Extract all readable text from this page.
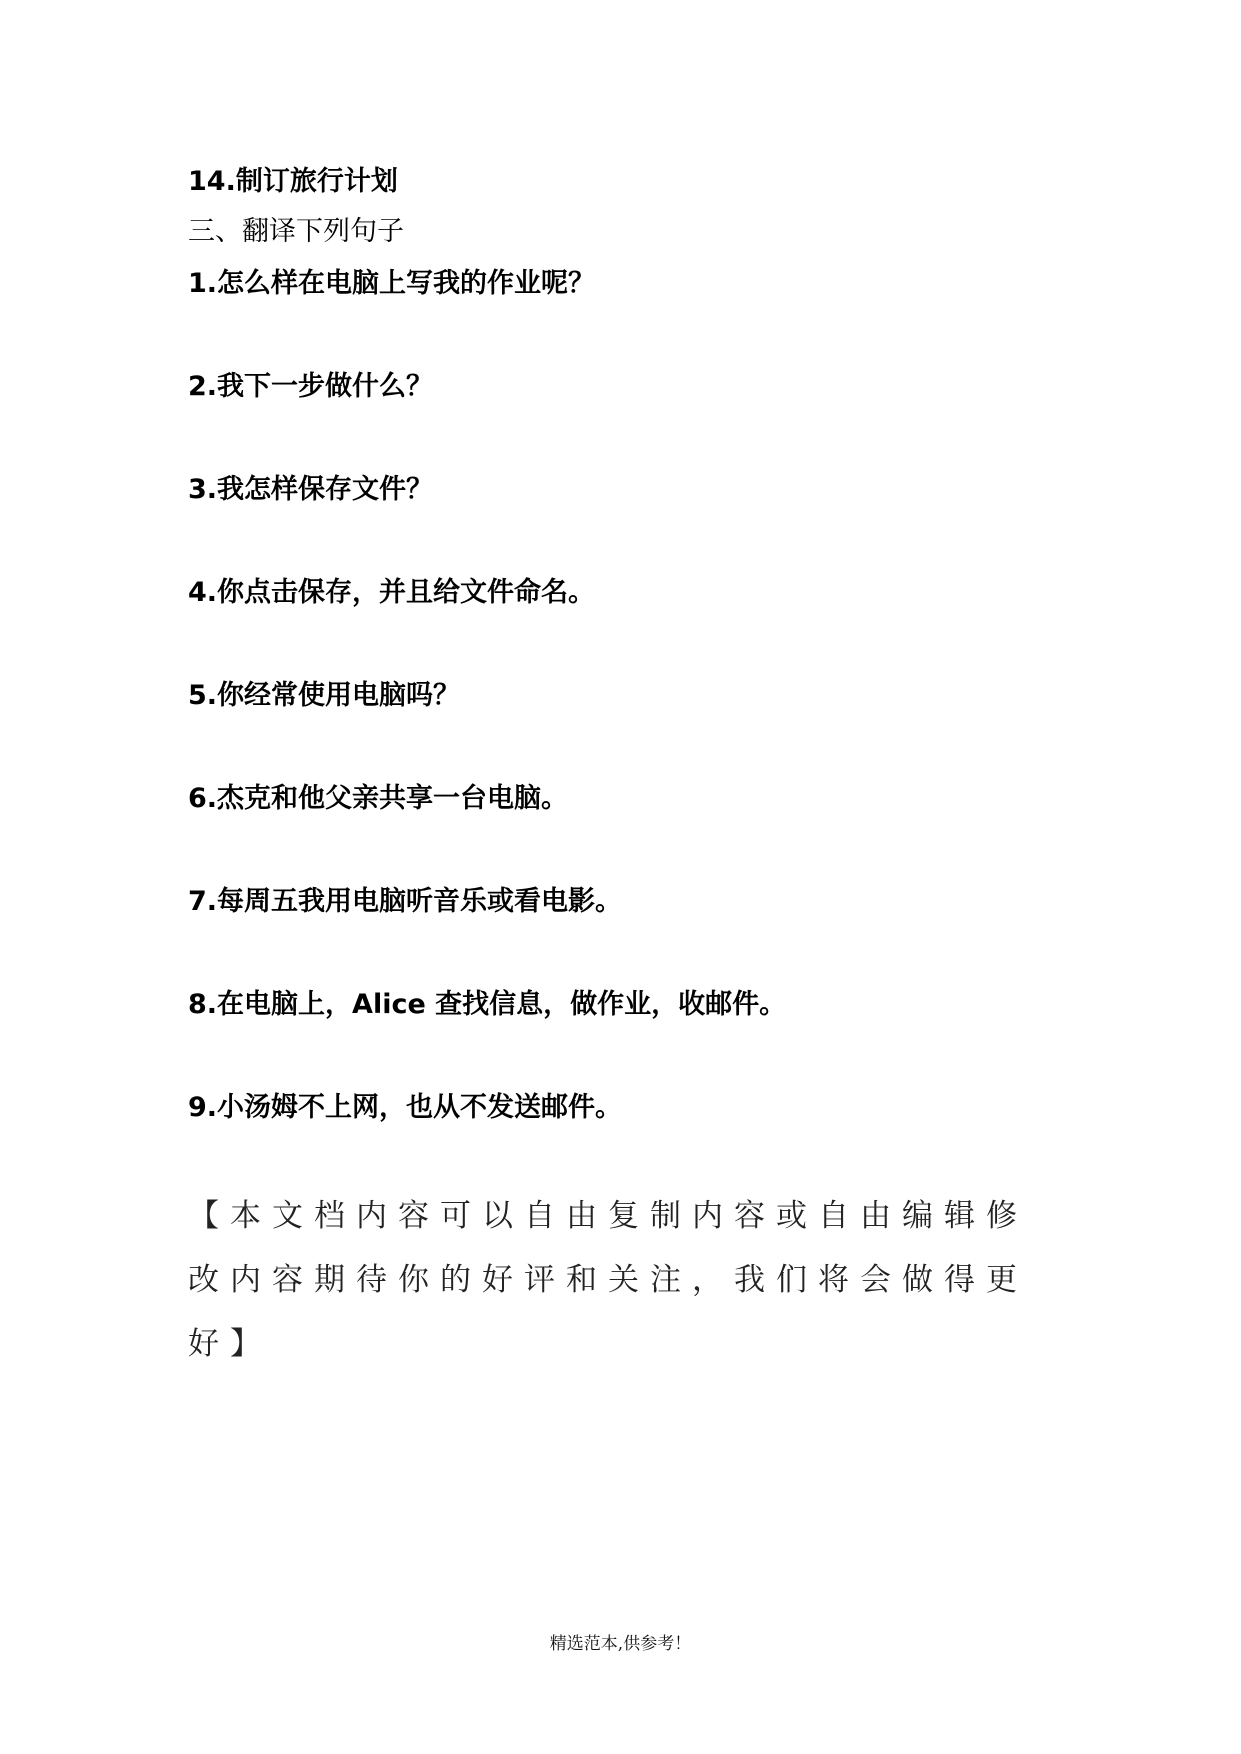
14.制订旅行计划
三、翻译下列句子
1.怎么样在电脑上写我的作业呢？
2.我下一步做什么？
3.我怎样保存文件？
4.你点击保存，并且给文件命名。
5.你经常使用电脑吗？
6.杰克和他父亲共享一台电脑。
7.每周五我用电脑听音乐或看电影。
8.在电脑上，Alice 查找信息，做作业，收邮件。
9.小汤姆不上网，也从不发送邮件。
【本文档内容可以自由复制内容或自由编辑修改内容期待你的好评和关注，我们将会做得更好】
精选范本,供参考！
